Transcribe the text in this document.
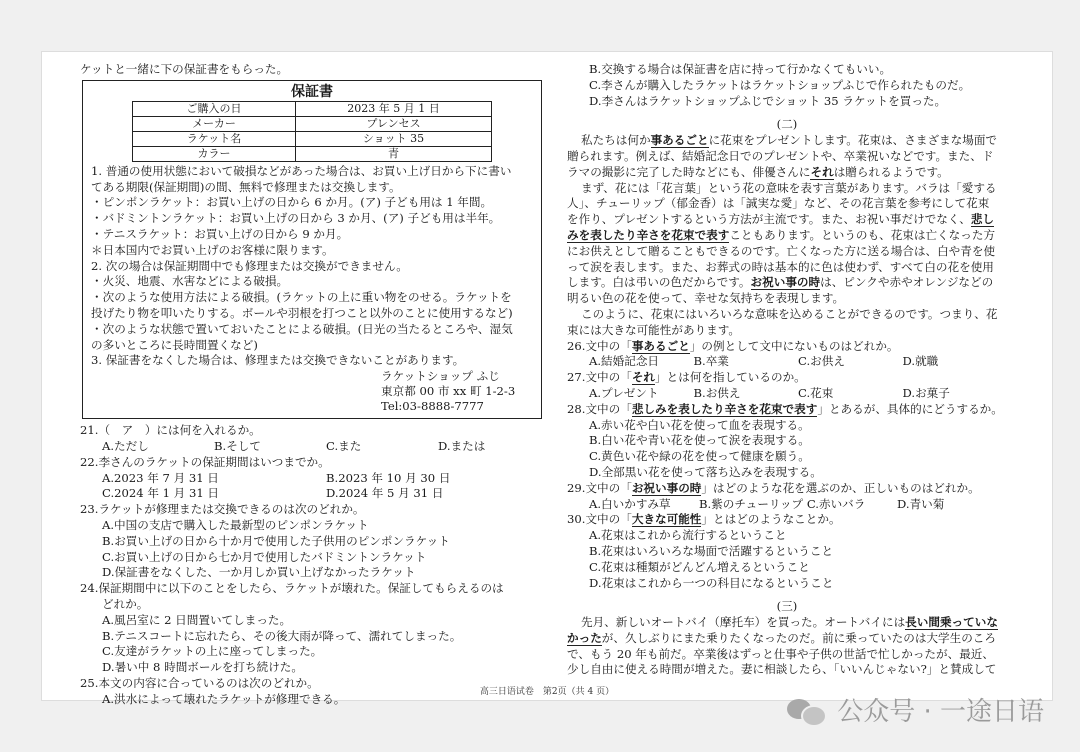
ケットと一緒に下の保証書をもらった。
保証書
ご購入の日	2023 年 5 月 1 日
メーカー	プレンセス
ラケット名	ショット 35
カラー	青
1. 普通の使用状態において破損などがあった場合は、お買い上げ日から下に書い
てある期限(保証期間)の間、無料で修理または交換します。
・ピンポンラケット：お買い上げの日から 6 か月。(ア) 子ども用は 1 年間。
・バドミントンラケット：お買い上げの日から 3 か月、(ア) 子ども用は半年。
・テニスラケット：お買い上げの日から 9 か月。
＊日本国内でお買い上げのお客様に限ります。
2. 次の場合は保証期間中でも修理または交換ができません。
・火災、地震、水害などによる破損。
・次のような使用方法による破損。(ラケットの上に重い物をのせる。ラケットを
投げたり物を叩いたりする。ボールや羽根を打つこと以外のことに使用するなど)
・次のような状態で置いておいたことによる破損。(日光の当たるところや、湿気
の多いところに長時間置くなど)
3. 保証書をなくした場合は、修理または交換できないことがあります。
ラケットショップ ふじ
東京都 00 市 xx 町 1-2-3
Tel:03-8888-7777
21.（　ア　）には何を入れるか。
A.ただし	B.そして	C.また	D.または
22.李さんのラケットの保証期間はいつまでか。
A.2023 年 7 月 31 日	B.2023 年 10 月 30 日
C.2024 年 1 月 31 日	D.2024 年 5 月 31 日
23.ラケットが修理または交換できるのは次のどれか。
A.中国の支店で購入した最新型のピンポンラケット
B.お買い上げの日から十か月で使用した子供用のピンポンラケット
C.お買い上げの日から七か月で使用したバドミントンラケット
D.保証書をなくした、一か月しか買い上げなかったラケット
24.保証期間中に以下のことをしたら、ラケットが壊れた。保証してもらえるのは
どれか。
A.風呂室に 2 日間置いてしまった。
B.テニスコートに忘れたら、その後大雨が降って、濡れてしまった。
C.友達がラケットの上に座ってしまった。
D.暑い中 8 時間ボールを打ち続けた。
25.本文の内容に合っているのは次のどれか。
A.洪水によって壊れたラケットが修理できる。
B.交換する場合は保証書を店に持って行かなくてもいい。
C.李さんが購入したラケットはラケットショップふじで作られたものだ。
D.李さんはラケットショップふじでショット 35 ラケットを買った。
(二)
私たちは何か事あるごとに花束をプレゼントします。花束は、さまざまな場面で
贈られます。例えば、結婚記念日でのプレゼントや、卒業祝いなどです。また、ド
ラマの撮影に完了した時などにも、俳優さんにそれは贈られるようです。
まず、花には「花言葉」という花の意味を表す言葉があります。バラは「愛する
人」、チューリップ（郁金香）は「誠実な愛」など、その花言葉を参考にして花束
を作り、プレゼントするという方法が主流です。また、お祝い事だけでなく、悲し
みを表したり辛さを花束で表すこともあります。というのも、花束は亡くなった方
にお供えとして贈ることもできるのです。亡くなった方に送る場合は、白や青を使
って涙を表します。また、お葬式の時は基本的に色は使わず、すべて白の花を使用
します。白は弔いの色だからです。お祝い事の時は、ピンクや赤やオレンジなどの
明るい色の花を使って、幸せな気持ちを表現します。
このように、花束にはいろいろな意味を込めることができるのです。つまり、花
束には大きな可能性があります。
26.文中の「事あるごと」の例として文中にないものはどれか。
A.結婚記念日	B.卒業	C.お供え	D.就職
27.文中の「それ」とは何を指しているのか。
A.プレゼント	B.お供え	C.花束	D.お菓子
28.文中の「悲しみを表したり辛さを花束で表す」とあるが、具体的にどうするか。
A.赤い花や白い花を使って血を表現する。
B.白い花や青い花を使って涙を表現する。
C.黄色い花や緑の花を使って健康を願う。
D.全部黒い花を使って落ち込みを表現する。
29.文中の「お祝い事の時」はどのような花を選ぶのか、正しいものはどれか。
A.白いかすみ草	B.紫のチューリップ C.赤いバラ	D.青い菊
30.文中の「大きな可能性」とはどのようなことか。
A.花束はこれから流行するということ
B.花束はいろいろな場面で活躍するということ
C.花束は種類がどんどん増えるということ
D.花束はこれから一つの科目になるということ
(三)
先月、新しいオートバイ（摩托车）を買った。オートバイには長い間乗っていな
かったが、久しぶりにまた乗りたくなったのだ。前に乗っていたのは大学生のころ
で、もう 20 年も前だ。卒業後はずっと仕事や子供の世話で忙しかったが、最近、
少し自由に使える時間が増えた。妻に相談したら、「いいんじゃない?」と賛成して
高三日语试卷　第2页（共 4 页）
公众号 · 一途日语
